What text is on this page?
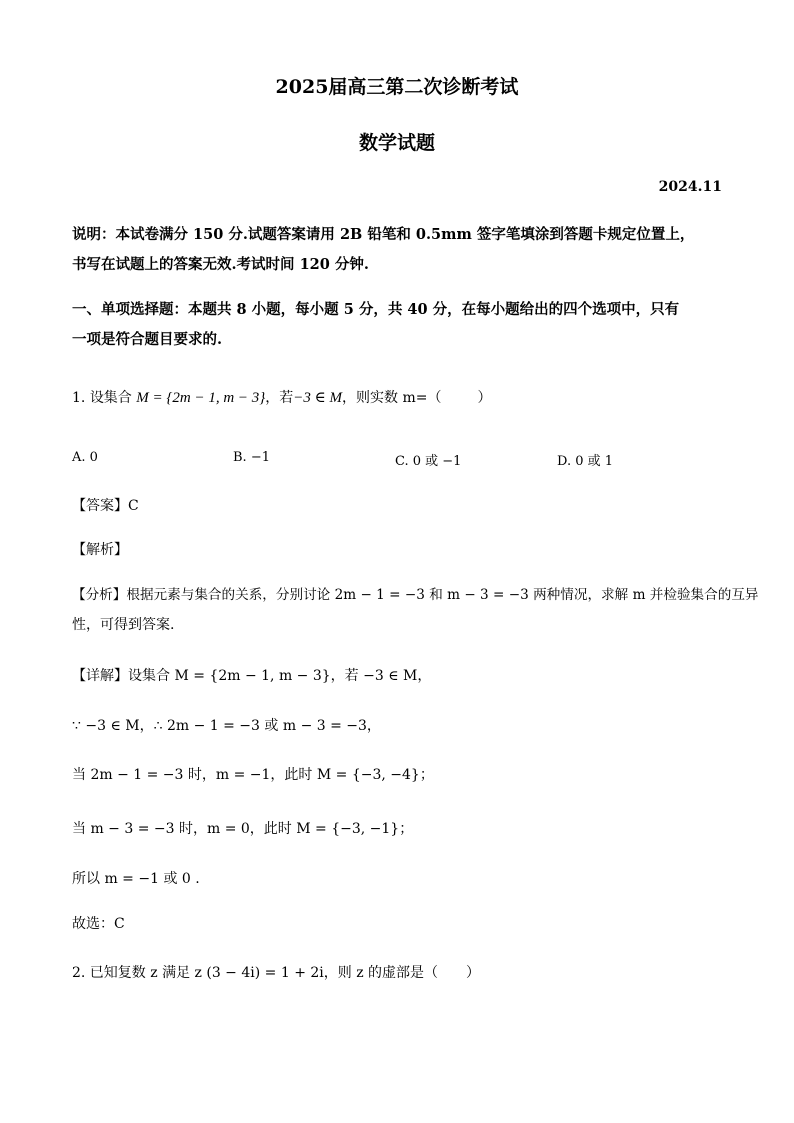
2025届高三第二次诊断考试
数学试题
2024.11
说明：本试卷满分 150 分.试题答案请用 2B 铅笔和 0.5mm 签字笔填涂到答题卡规定位置上，
书写在试题上的答案无效.考试时间 120 分钟.
一、单项选择题：本题共 8 小题，每小题 5 分，共 40 分，在每小题给出的四个选项中，只有
一项是符合题目要求的.
1. 设集合 M = {2m − 1, m − 3}，若−3 ∈ M，则实数 m=（	）
A. 0	B. −1	C. 0 或 −1	D. 0 或 1
【答案】C
【解析】
【分析】根据元素与集合的关系，分别讨论 2m − 1 = −3 和 m − 3 = −3 两种情况，求解 m 并检验集合的互异
性，可得到答案.
【详解】设集合 M = {2m − 1, m − 3}，若 −3 ∈ M，
∵ −3 ∈ M，∴ 2m − 1 = −3 或 m − 3 = −3，
当 2m − 1 = −3 时，m = −1，此时 M = {−3, −4}；
当 m − 3 = −3 时，m = 0，此时 M = {−3, −1}；
所以 m = −1 或 0 .
故选：C
2. 已知复数 z 满足 z (3 − 4i) = 1 + 2i，则 z 的虚部是（　　）
